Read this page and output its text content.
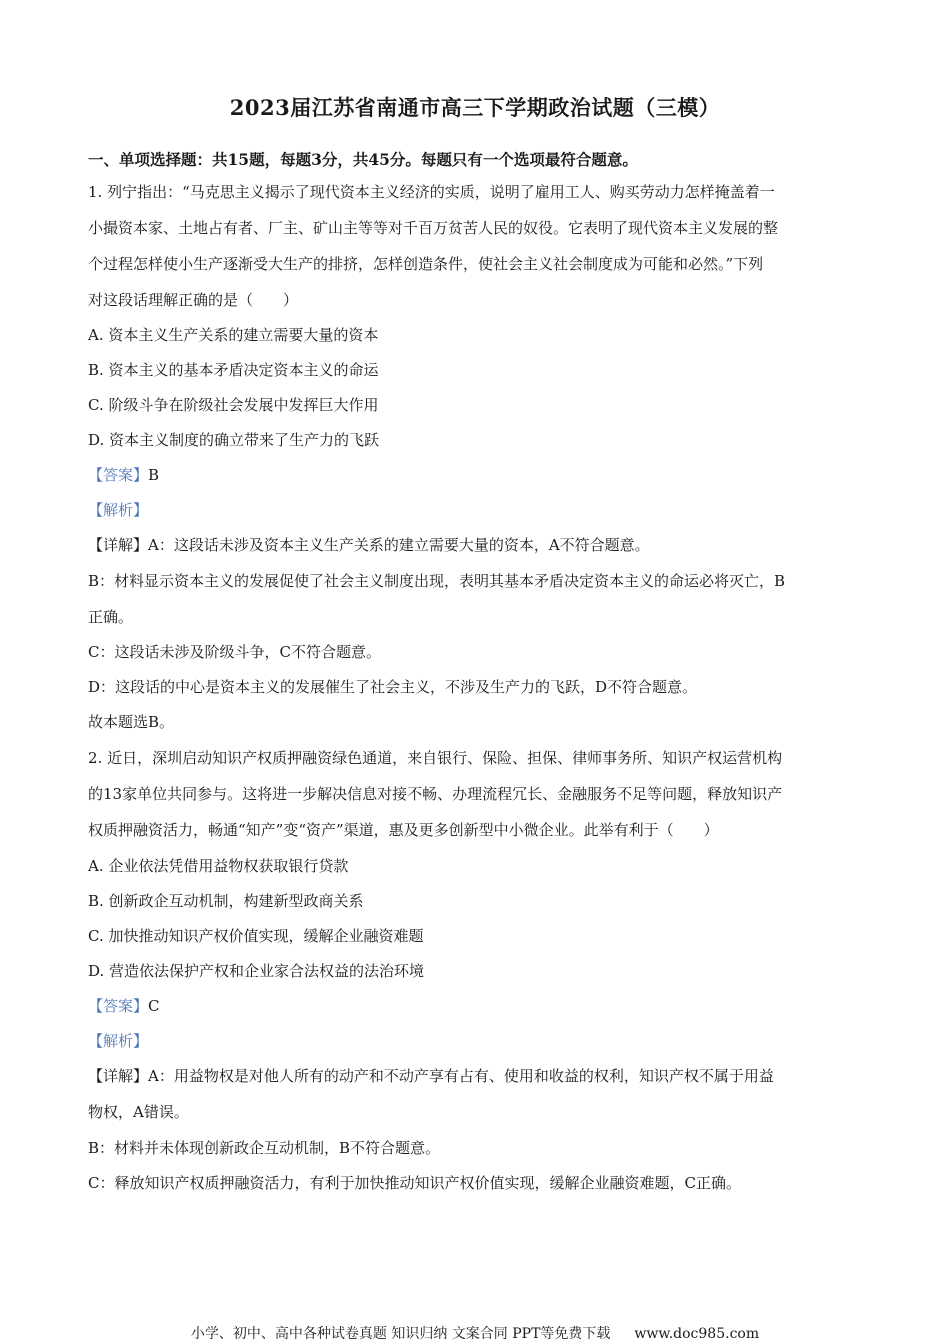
2023届江苏省南通市高三下学期政治试题（三模）
一、单项选择题：共15题，每题3分，共45分。每题只有一个选项最符合题意。
1. 列宁指出：“马克思主义揭示了现代资本主义经济的实质，说明了雇用工人、购买劳动力怎样掩盖着一
小撮资本家、土地占有者、厂主、矿山主等等对千百万贫苦人民的奴役。它表明了现代资本主义发展的整
个过程怎样使小生产逐渐受大生产的排挤，怎样创造条件，使社会主义社会制度成为可能和必然。”下列
对这段话理解正确的是（　　）
A. 资本主义生产关系的建立需要大量的资本
B. 资本主义的基本矛盾决定资本主义的命运
C. 阶级斗争在阶级社会发展中发挥巨大作用
D. 资本主义制度的确立带来了生产力的飞跃
【答案】B
【解析】
【详解】A：这段话未涉及资本主义生产关系的建立需要大量的资本，A不符合题意。
B：材料显示资本主义的发展促使了社会主义制度出现，表明其基本矛盾决定资本主义的命运必将灭亡，B
正确。
C：这段话未涉及阶级斗争，C不符合题意。
D：这段话的中心是资本主义的发展催生了社会主义，不涉及生产力的飞跃，D不符合题意。
故本题选B。
2. 近日，深圳启动知识产权质押融资绿色通道，来自银行、保险、担保、律师事务所、知识产权运营机构
的13家单位共同参与。这将进一步解决信息对接不畅、办理流程冗长、金融服务不足等问题，释放知识产
权质押融资活力，畅通“知产”变“资产”渠道，惠及更多创新型中小微企业。此举有利于（　　）
A. 企业依法凭借用益物权获取银行贷款
B. 创新政企互动机制，构建新型政商关系
C. 加快推动知识产权价值实现，缓解企业融资难题
D. 营造依法保护产权和企业家合法权益的法治环境
【答案】C
【解析】
【详解】A：用益物权是对他人所有的动产和不动产享有占有、使用和收益的权利，知识产权不属于用益
物权，A错误。
B：材料并未体现创新政企互动机制，B不符合题意。
C：释放知识产权质押融资活力，有利于加快推动知识产权价值实现，缓解企业融资难题，C正确。
小学、初中、高中各种试卷真题 知识归纳 文案合同 PPT等免费下载 www.doc985.com
